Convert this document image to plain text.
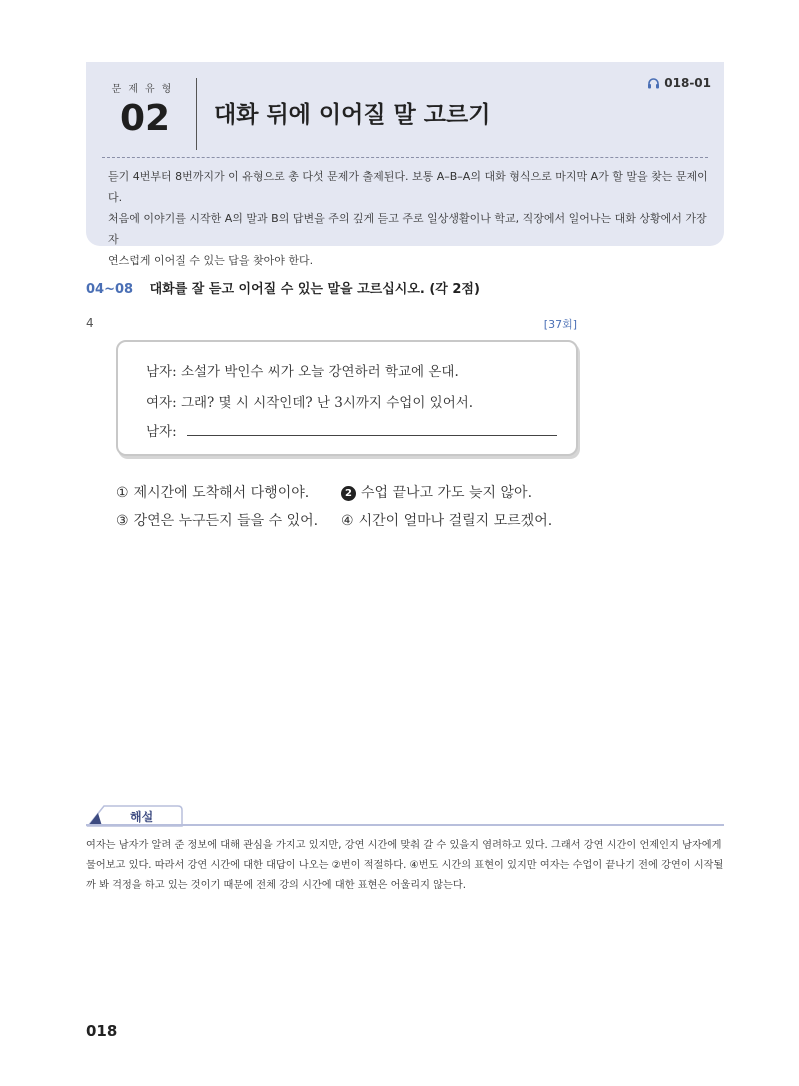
문제유형
02	대화 뒤에 이어질 말 고르기
018-01

듣기 4번부터 8번까지가 이 유형으로 총 다섯 문제가 출제된다. 보통 A–B–A의 대화 형식으로 마지막 A가 할 말을 찾는 문제이다.

처음에 이야기를 시작한 A의 말과 B의 답변을 주의 깊게 듣고 주로 일상생활이나 학교, 직장에서 일어나는 대화 상황에서 가장 자

연스럽게 이어질 수 있는 답을 찾아야 한다.

04~08 대화를 잘 듣고 이어질 수 있는 말을 고르십시오. (각 2점)
4	[37회]
남자: 소설가 박인수 씨가 오늘 강연하러 학교에 온대.
여자: 그래? 몇 시 시작인데? 난 3시까지 수업이 있어서.
남자:
① 제시간에 도착해서 다행이야.	2 수업 끝나고 가도 늦지 않아.
③ 강연은 누구든지 들을 수 있어. ④ 시간이 얼마나 걸릴지 모르겠어.
해설

여자는 남자가 알려 준 정보에 대해 관심을 가지고 있지만, 강연 시간에 맞춰 갈 수 있을지 염려하고 있다. 그래서 강연 시간이 언제인지 남자에게

물어보고 있다. 따라서 강연 시간에 대한 대답이 나오는 ②번이 적절하다. ④번도 시간의 표현이 있지만 여자는 수업이 끝나기 전에 강연이 시작될

까 봐 걱정을 하고 있는 것이기 때문에 전체 강의 시간에 대한 표현은 어울리지 않는다.

018
